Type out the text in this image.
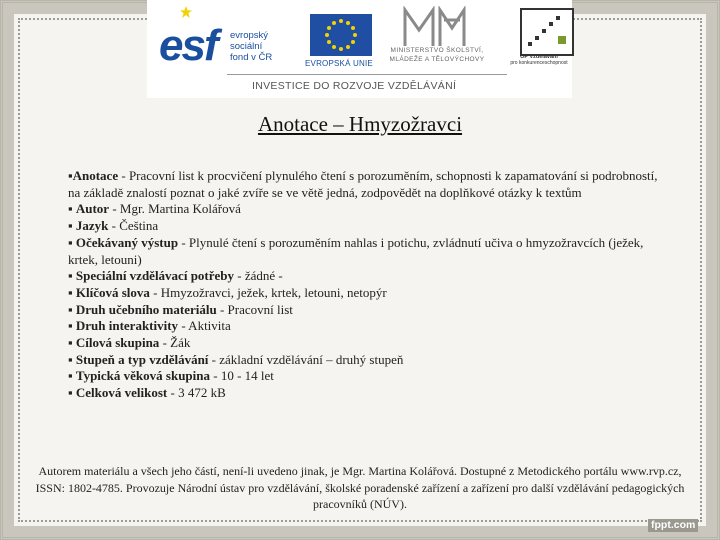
esf evropský
sociální
fond v ČR
EVROPSKÁ UNIE
MINISTERSTVO ŠKOLSTVÍ,
MLÁDEŽE A TĚLOVÝCHOVY	OP Vzdělávání
pro konkurenceschopnost
INVESTICE DO ROZVOJE VZDĚLÁVÁNÍ
Anotace – Hmyzožravci
▪Anotace - Pracovní list k procvičení plynulého čtení s porozuměním, schopnosti k zapamatování si podrobností, na základě znalostí poznat o jaké zvíře se ve větě jedná, zodpovědět na doplňkové otázky k textům
▪ Autor - Mgr. Martina Kolářová
▪ Jazyk - Čeština
▪ Očekávaný výstup - Plynulé čtení s porozuměním nahlas i potichu, zvládnutí učiva o hmyzožravcích (ježek, krtek, letouni)
▪ Speciální vzdělávací potřeby - žádné -
▪ Klíčová slova - Hmyzožravci, ježek, krtek, letouni, netopýr
▪ Druh učebního materiálu - Pracovní list
▪ Druh interaktivity - Aktivita
▪ Cílová skupina - Žák
▪ Stupeň a typ vzdělávání - základní vzdělávání – druhý stupeň
▪ Typická věková skupina - 10 - 14 let
▪ Celková velikost - 3 472 kB
Autorem materiálu a všech jeho částí, není-li uvedeno jinak, je Mgr. Martina Kolářová. Dostupné z Metodického portálu www.rvp.cz, ISSN: 1802-4785. Provozuje Národní ústav pro vzdělávání, školské poradenské zařízení a zařízení pro další vzdělávání pedagogických pracovníků (NÚV).
fppt.com
